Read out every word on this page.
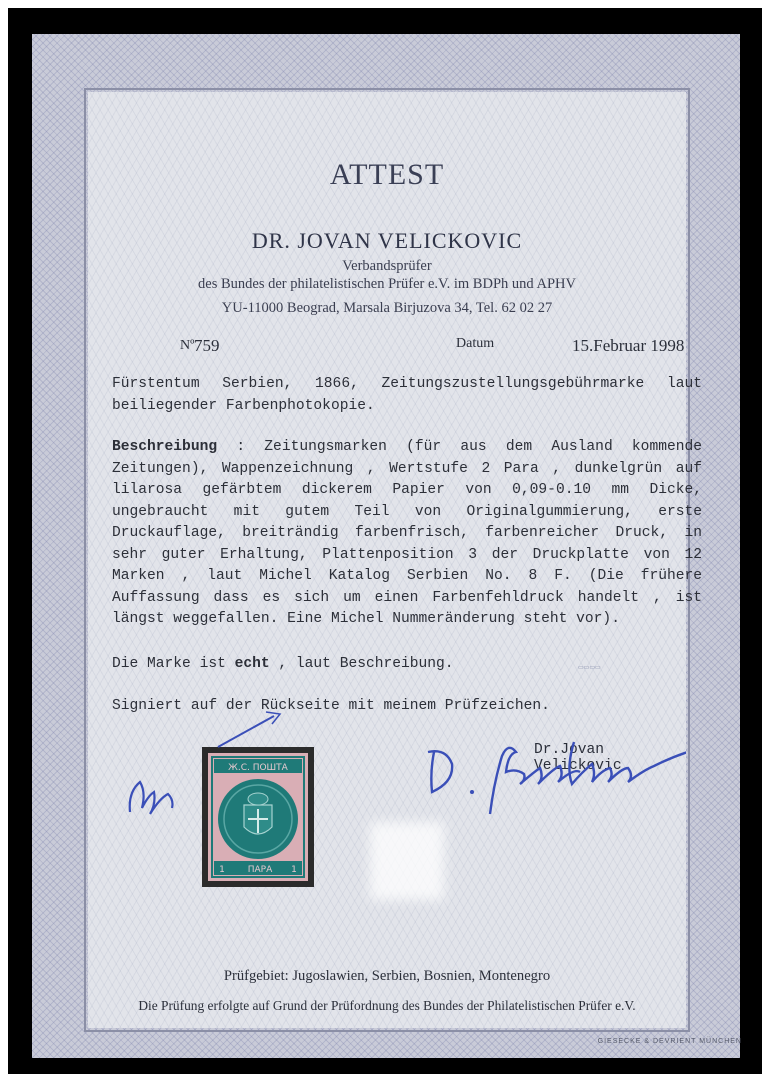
ATTEST
DR. JOVAN VELICKOVIC
Verbandsprüfer
des Bundes der philatelistischen Prüfer e.V. im BDPh und APHV
YU-11000 Beograd, Marsala Birjuzova 34, Tel. 62 02 27
Nº 759	Datum	15.Februar 1998
Fürstentum Serbien, 1866, Zeitungszustellungsgebührmarke laut beiliegender Farbenphotokopie.
Beschreibung : Zeitungsmarken (für aus dem Ausland kommende Zeitungen), Wappenzeichnung , Wertstufe 2 Para , dunkelgrün auf lilarosa gefärbtem dickerem Papier von 0,09-0.10 mm Dicke, ungebraucht mit gutem Teil von Originalgummierung, erste Druckauflage, breiträndig farbenfrisch, farbenreicher Druck, in sehr guter Erhaltung, Plattenposition 3 der Druckplatte von 12 Marken , laut Michel Katalog Serbien No. 8 F. (Die frühere Auffassung dass es sich um einen Farbenfehldruck handelt , ist längst weggefallen. Eine Michel Nummeränderung steht vor).
Die Marke ist echt , laut Beschreibung.
Signiert auf der Rückseite mit meinem Prüfzeichen.
Dr.Jovan Velickovic
Ж.С. ПОШТА
ПАРА
1	1
Prüfgebiet: Jugoslawien, Serbien, Bosnien, Montenegro
Die Prüfung erfolgte auf Grund der Prüfordnung des Bundes der Philatelistischen Prüfer e.V.
▭▭▭▭
GIESECKE & DEVRIENT MÜNCHEN
